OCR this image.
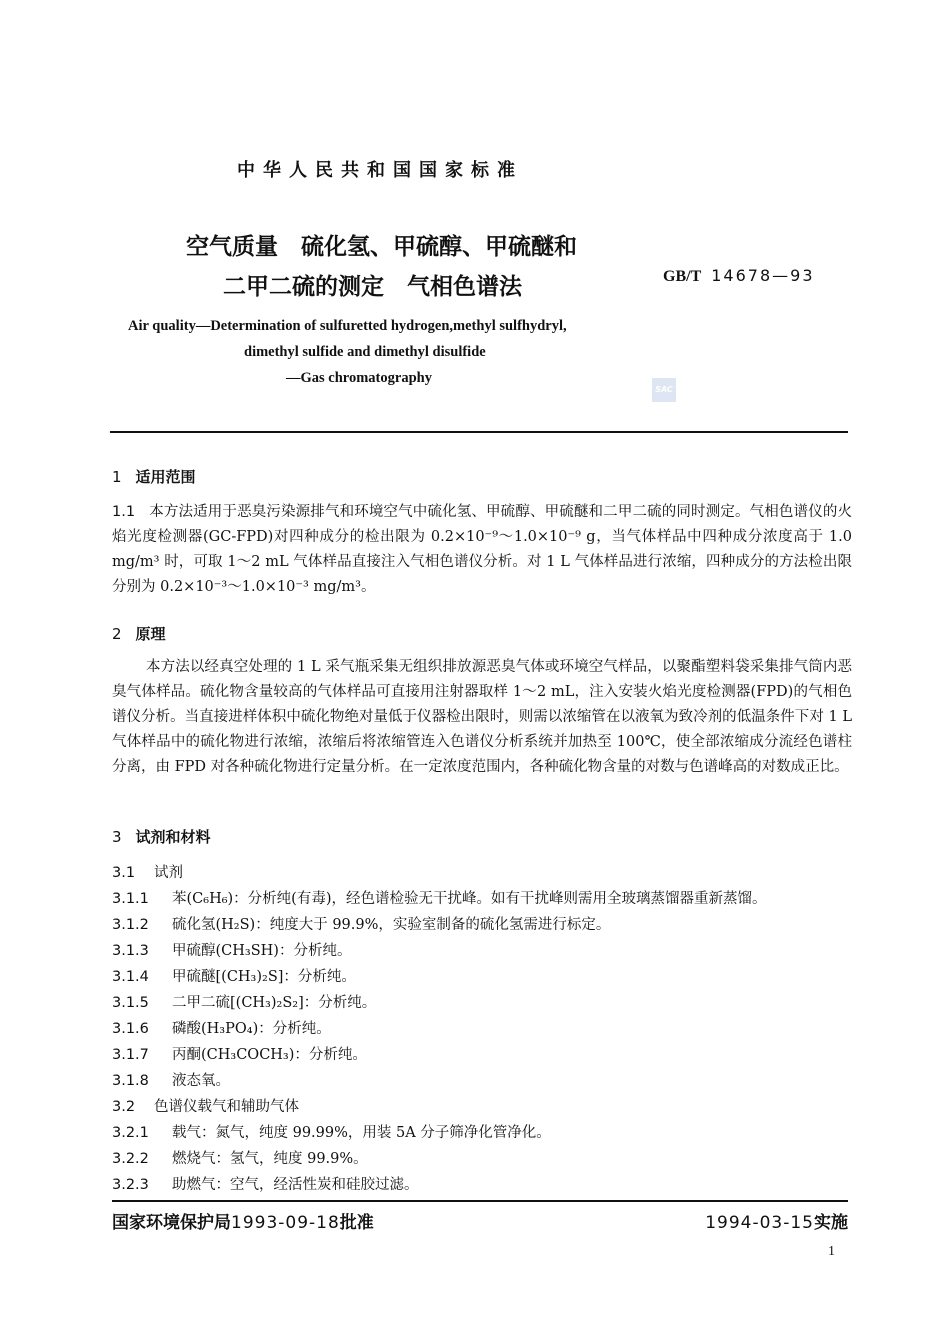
中华人民共和国国家标准
空气质量　硫化氢、甲硫醇、甲硫醚和
二甲二硫的测定　气相色谱法	GB/T 14678—93
Air quality—Determination of sulfuretted hydrogen,methyl sulfhydryl,
dimethyl sulfide and dimethyl disulfide
—Gas chromatography
SAC
1 适用范围
1.1 本方法适用于恶臭污染源排气和环境空气中硫化氢、甲硫醇、甲硫醚和二甲二硫的同时测定。气相色谱仪的火焰光度检测器(GC-FPD)对四种成分的检出限为 0.2×10⁻⁹～1.0×10⁻⁹ g，当气体样品中四种成分浓度高于 1.0 mg/m³ 时，可取 1～2 mL 气体样品直接注入气相色谱仪分析。对 1 L 气体样品进行浓缩，四种成分的方法检出限分别为 0.2×10⁻³～1.0×10⁻³ mg/m³。
2 原理
本方法以经真空处理的 1 L 采气瓶采集无组织排放源恶臭气体或环境空气样品，以聚酯塑料袋采集排气筒内恶臭气体样品。硫化物含量较高的气体样品可直接用注射器取样 1～2 mL，注入安装火焰光度检测器(FPD)的气相色谱仪分析。当直接进样体积中硫化物绝对量低于仪器检出限时，则需以浓缩管在以液氧为致冷剂的低温条件下对 1 L 气体样品中的硫化物进行浓缩，浓缩后将浓缩管连入色谱仪分析系统并加热至 100℃，使全部浓缩成分流经色谱柱分离，由 FPD 对各种硫化物进行定量分析。在一定浓度范围内，各种硫化物含量的对数与色谱峰高的对数成正比。
3 试剂和材料
3.1 试剂
3.1.1 苯(C₆H₆)：分析纯(有毒)，经色谱检验无干扰峰。如有干扰峰则需用全玻璃蒸馏器重新蒸馏。
3.1.2 硫化氢(H₂S)：纯度大于 99.9%，实验室制备的硫化氢需进行标定。
3.1.3 甲硫醇(CH₃SH)：分析纯。
3.1.4 甲硫醚[(CH₃)₂S]：分析纯。
3.1.5 二甲二硫[(CH₃)₂S₂]：分析纯。
3.1.6 磷酸(H₃PO₄)：分析纯。
3.1.7 丙酮(CH₃COCH₃)：分析纯。
3.1.8 液态氧。
3.2 色谱仪载气和辅助气体
3.2.1 载气：氮气，纯度 99.99%，用装 5A 分子筛净化管净化。
3.2.2 燃烧气：氢气，纯度 99.9%。
3.2.3 助燃气：空气，经活性炭和硅胶过滤。
国家环境保护局1993-09-18批准	1994-03-15实施
1
